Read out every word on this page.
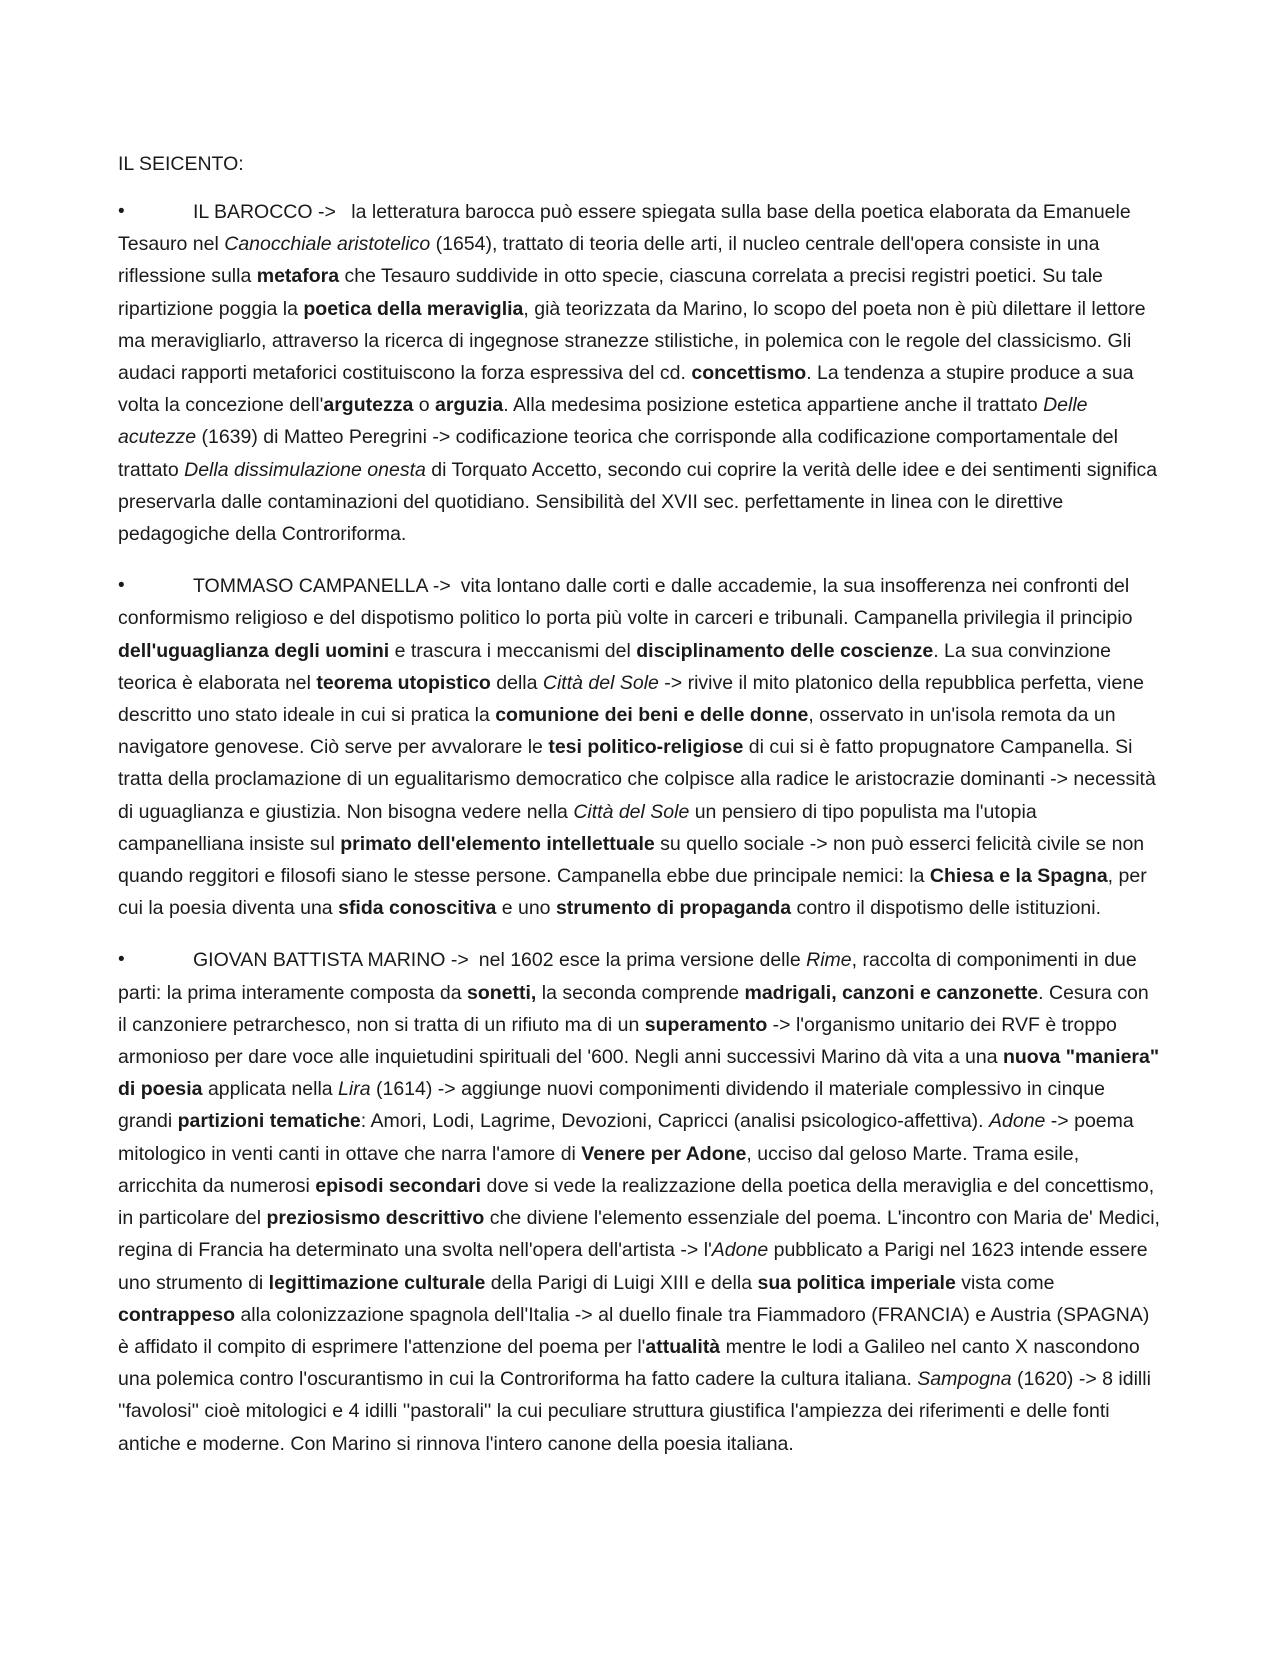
IL SEICENTO:
•	IL BAROCCO -> la letteratura barocca può essere spiegata sulla base della poetica elaborata da Emanuele Tesauro nel Canocchiale aristotelico (1654), trattato di teoria delle arti, il nucleo centrale dell'opera consiste in una riflessione sulla metafora che Tesauro suddivide in otto specie, ciascuna correlata a precisi registri poetici. Su tale ripartizione poggia la poetica della meraviglia, già teorizzata da Marino, lo scopo del poeta non è più dilettare il lettore ma meravigliarlo, attraverso la ricerca di ingegnose stranezze stilistiche, in polemica con le regole del classicismo. Gli audaci rapporti metaforici costituiscono la forza espressiva del cd. concettismo. La tendenza a stupire produce a sua volta la concezione dell'argutezza o arguzia. Alla medesima posizione estetica appartiene anche il trattato Delle acutezze (1639) di Matteo Peregrini -> codificazione teorica che corrisponde alla codificazione comportamentale del trattato Della dissimulazione onesta di Torquato Accetto, secondo cui coprire la verità delle idee e dei sentimenti significa preservarla dalle contaminazioni del quotidiano. Sensibilità del XVII sec. perfettamente in linea con le direttive pedagogiche della Controriforma.
•	TOMMASO CAMPANELLA -> vita lontano dalle corti e dalle accademie, la sua insofferenza nei confronti del conformismo religioso e del dispotismo politico lo porta più volte in carceri e tribunali. Campanella privilegia il principio dell'uguaglianza degli uomini e trascura i meccanismi del disciplinamento delle coscienze. La sua convinzione teorica è elaborata nel teorema utopistico della Città del Sole -> rivive il mito platonico della repubblica perfetta, viene descritto uno stato ideale in cui si pratica la comunione dei beni e delle donne, osservato in un'isola remota da un navigatore genovese. Ciò serve per avvalorare le tesi politico-religiose di cui si è fatto propugnatore Campanella. Si tratta della proclamazione di un egualitarismo democratico che colpisce alla radice le aristocrazie dominanti -> necessità di uguaglianza e giustizia. Non bisogna vedere nella Città del Sole un pensiero di tipo populista ma l'utopia campanelliana insiste sul primato dell'elemento intellettuale su quello sociale -> non può esserci felicità civile se non quando reggitori e filosofi siano le stesse persone. Campanella ebbe due principale nemici: la Chiesa e la Spagna, per cui la poesia diventa una sfida conoscitiva e uno strumento di propaganda contro il dispotismo delle istituzioni.
•	GIOVAN BATTISTA MARINO -> nel 1602 esce la prima versione delle Rime, raccolta di componimenti in due parti: la prima interamente composta da sonetti, la seconda comprende madrigali, canzoni e canzonette. Cesura con il canzoniere petrarchesco, non si tratta di un rifiuto ma di un superamento -> l'organismo unitario dei RVF è troppo armonioso per dare voce alle inquietudini spirituali del '600. Negli anni successivi Marino dà vita a una nuova "maniera" di poesia applicata nella Lira (1614) -> aggiunge nuovi componimenti dividendo il materiale complessivo in cinque grandi partizioni tematiche: Amori, Lodi, Lagrime, Devozioni, Capricci (analisi psicologico-affettiva). Adone -> poema mitologico in venti canti in ottave che narra l'amore di Venere per Adone, ucciso dal geloso Marte. Trama esile, arricchita da numerosi episodi secondari dove si vede la realizzazione della poetica della meraviglia e del concettismo, in particolare del preziosismo descrittivo che diviene l'elemento essenziale del poema. L'incontro con Maria de' Medici, regina di Francia ha determinato una svolta nell'opera dell'artista -> l'Adone pubblicato a Parigi nel 1623 intende essere uno strumento di legittimazione culturale della Parigi di Luigi XIII e della sua politica imperiale vista come contrappeso alla colonizzazione spagnola dell'Italia -> al duello finale tra Fiammadoro (FRANCIA) e Austria (SPAGNA) è affidato il compito di esprimere l'attenzione del poema per l'attualità mentre le lodi a Galileo nel canto X nascondono una polemica contro l'oscurantismo in cui la Controriforma ha fatto cadere la cultura italiana. Sampogna (1620) -> 8 idilli ''favolosi'' cioè mitologici e 4 idilli ''pastorali'' la cui peculiare struttura giustifica l'ampiezza dei riferimenti e delle fonti antiche e moderne. Con Marino si rinnova l'intero canone della poesia italiana.
